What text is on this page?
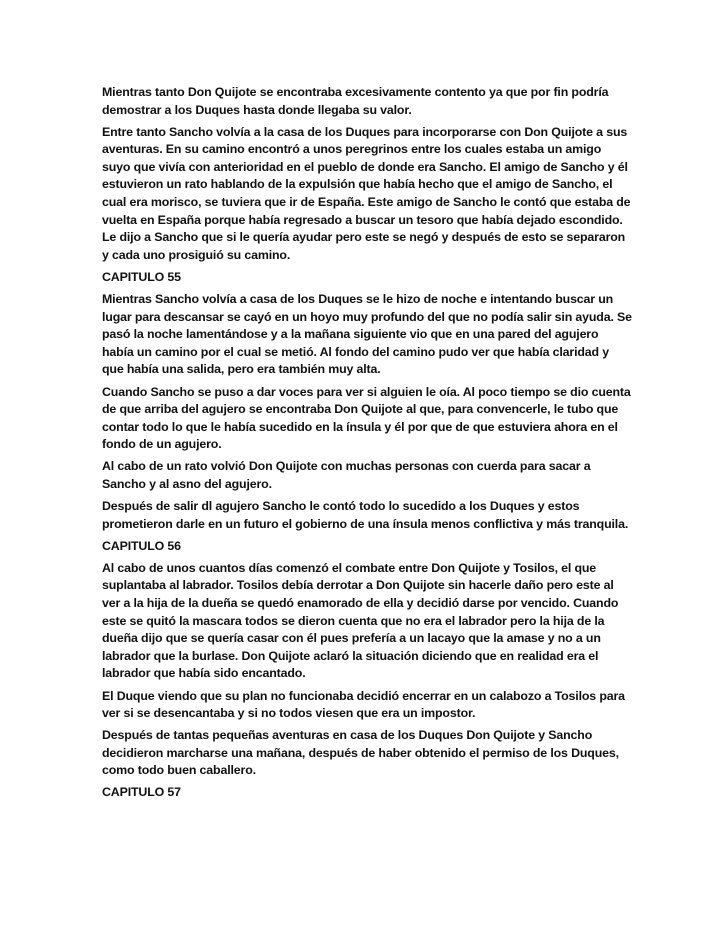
Mientras tanto Don Quijote se encontraba excesivamente contento ya que por fin podría demostrar a los Duques hasta donde llegaba su valor.

Entre tanto Sancho volvía a la casa de los Duques para incorporarse con Don Quijote a sus aventuras. En su camino encontró a unos peregrinos entre los cuales estaba un amigo suyo que vivía con anterioridad en el pueblo de donde era Sancho. El amigo de Sancho y él estuvieron un rato hablando de la expulsión que había hecho que el amigo de Sancho, el cual era morisco, se tuviera que ir de España. Este amigo de Sancho le contó que estaba de vuelta en España porque había regresado a buscar un tesoro que había dejado escondido. Le dijo a Sancho que si le quería ayudar pero este se negó y después de esto se separaron y cada uno prosiguió su camino.

CAPITULO 55

Mientras Sancho volvía a casa de los Duques se le hizo de noche e intentando buscar un lugar para descansar se cayó en un hoyo muy profundo del que no podía salir sin ayuda. Se pasó la noche lamentándose y a la mañana siguiente vio que en una pared del agujero había un camino por el cual se metió. Al fondo del camino pudo ver que había claridad y que había una salida, pero era también muy alta.

Cuando Sancho se puso a dar voces para ver si alguien le oía. Al poco tiempo se dio cuenta de que arriba del agujero se encontraba Don Quijote al que, para convencerle, le tubo que contar todo lo que le había sucedido en la ínsula y él por que de que estuviera ahora en el fondo de un agujero.

Al cabo de un rato volvió Don Quijote con muchas personas con cuerda para sacar a Sancho y al asno del agujero.

Después de salir dl agujero Sancho le contó todo lo sucedido a los Duques y estos prometieron darle en un futuro el gobierno de una ínsula menos conflictiva y más tranquila.

CAPITULO 56

Al cabo de unos cuantos días comenzó el combate entre Don Quijote y Tosilos, el que suplantaba al labrador. Tosilos debía derrotar a Don Quijote sin hacerle daño pero este al ver a la hija de la dueña se quedó enamorado de ella y decidió darse por vencido. Cuando este se quitó la mascara todos se dieron cuenta que no era el labrador pero la hija de la dueña dijo que se quería casar con él pues prefería a un lacayo que la amase y no a un labrador que la burlase. Don Quijote aclaró la situación diciendo que en realidad era el labrador que había sido encantado.

El Duque viendo que su plan no funcionaba decidió encerrar en un calabozo a Tosilos para ver si se desencantaba y si no todos viesen que era un impostor.

Después de tantas pequeñas aventuras en casa de los Duques Don Quijote y Sancho decidieron marcharse una mañana, después de haber obtenido el permiso de los Duques, como todo buen caballero.

CAPITULO 57
